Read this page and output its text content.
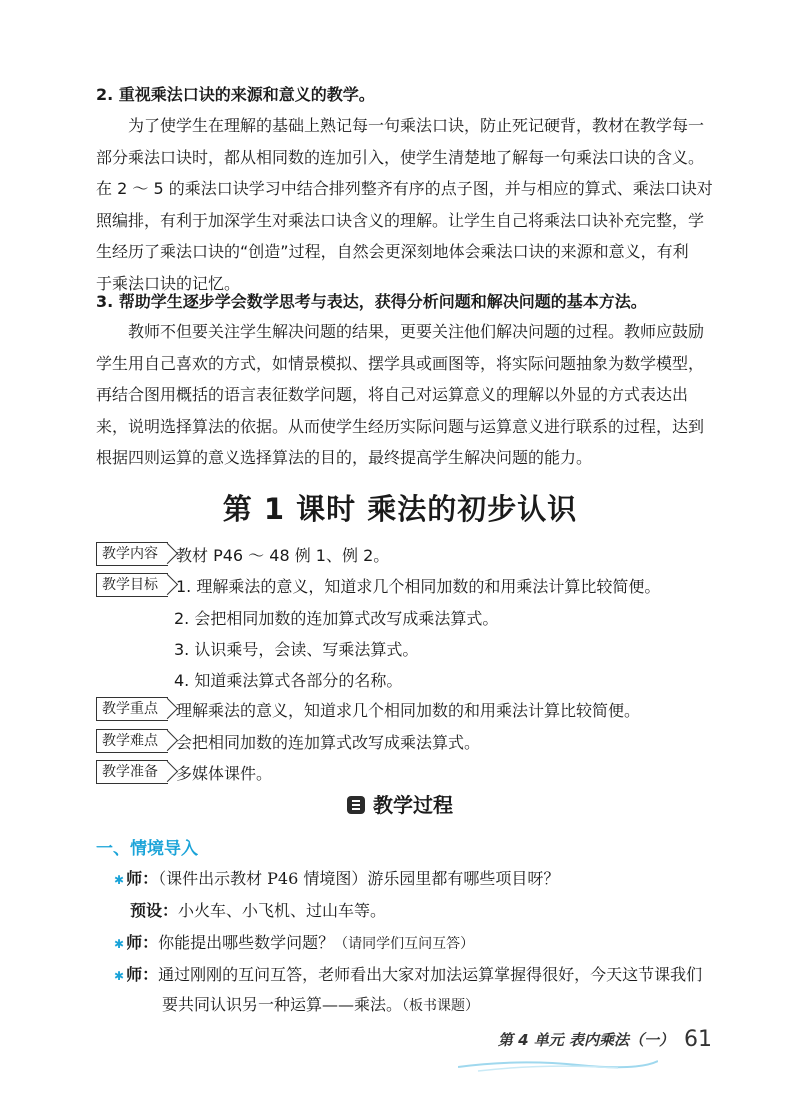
2. 重视乘法口诀的来源和意义的教学。
为了使学生在理解的基础上熟记每一句乘法口诀，防止死记硬背，教材在教学每一
部分乘法口诀时，都从相同数的连加引入，使学生清楚地了解每一句乘法口诀的含义。
在 2 ～ 5 的乘法口诀学习中结合排列整齐有序的点子图，并与相应的算式、乘法口诀对
照编排，有利于加深学生对乘法口诀含义的理解。让学生自己将乘法口诀补充完整，学
生经历了乘法口诀的“创造”过程，自然会更深刻地体会乘法口诀的来源和意义，有利
于乘法口诀的记忆。
3. 帮助学生逐步学会数学思考与表达，获得分析问题和解决问题的基本方法。
教师不但要关注学生解决问题的结果，更要关注他们解决问题的过程。教师应鼓励
学生用自己喜欢的方式，如情景模拟、摆学具或画图等，将实际问题抽象为数学模型，
再结合图用概括的语言表征数学问题，将自己对运算意义的理解以外显的方式表达出
来，说明选择算法的依据。从而使学生经历实际问题与运算意义进行联系的过程，达到
根据四则运算的意义选择算法的目的，最终提高学生解决问题的能力。
第 1 课时 乘法的初步认识
教学内容	教材 P46 ～ 48 例 1、例 2。
教学目标	1. 理解乘法的意义，知道求几个相同加数的和用乘法计算比较简便。
2. 会把相同加数的连加算式改写成乘法算式。
3. 认识乘号，会读、写乘法算式。
4. 知道乘法算式各部分的名称。
教学重点	理解乘法的意义，知道求几个相同加数的和用乘法计算比较简便。
教学难点	会把相同加数的连加算式改写成乘法算式。
教学准备	多媒体课件。
教学过程
一、情境导入
✱ 师：（课件出示教材 P46 情境图）游乐园里都有哪些项目呀？
预设：小火车、小飞机、过山车等。
✱ 师：你能提出哪些数学问题？（请同学们互问互答）
✱ 师：通过刚刚的互问互答，老师看出大家对加法运算掌握得很好，今天这节课我们
要共同认识另一种运算——乘法。（板书课题）
第 4 单元 表内乘法（一） 61
